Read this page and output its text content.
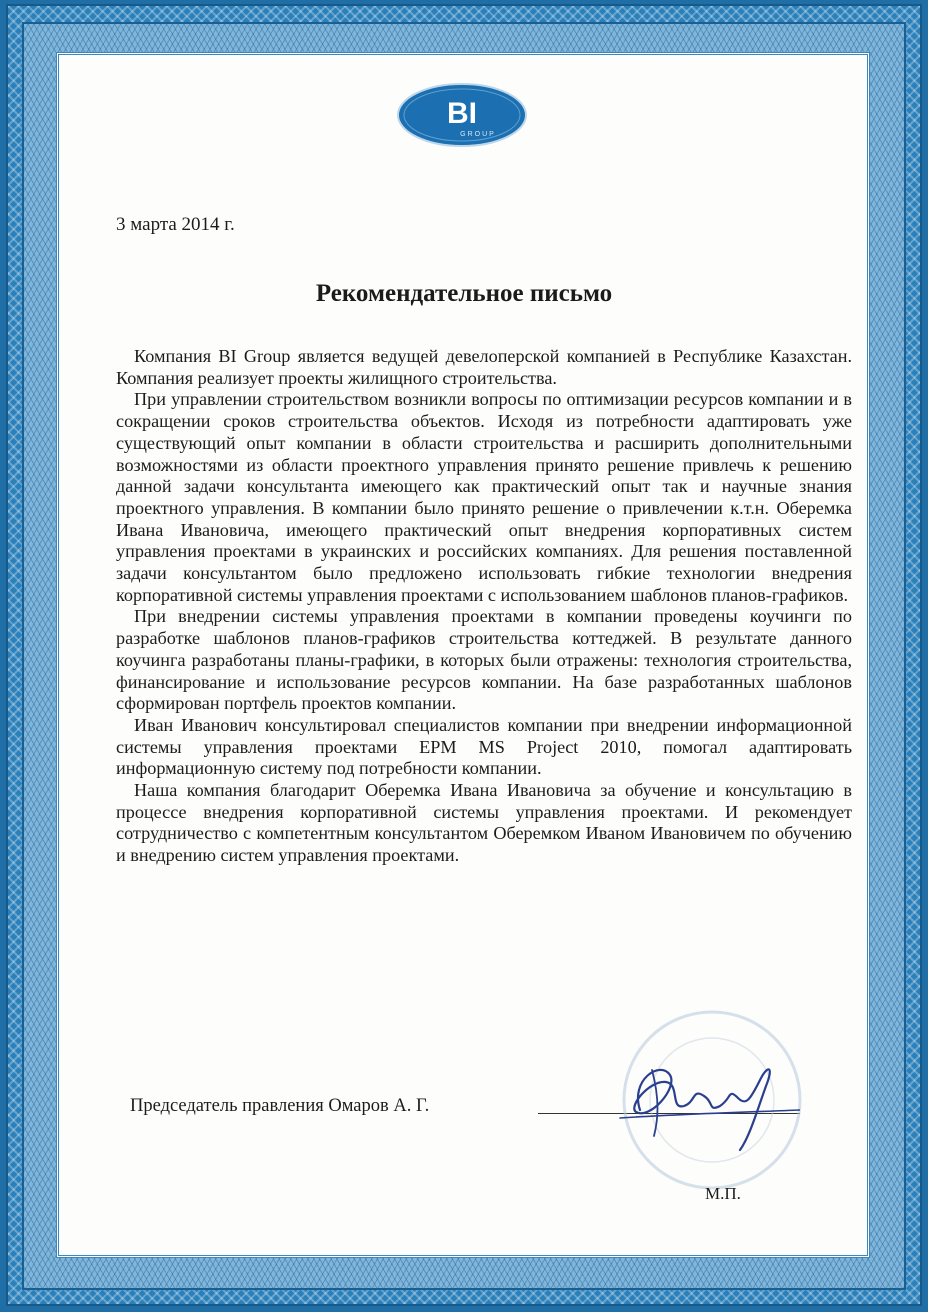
BI
GROUP
3 марта 2014 г.
Рекомендательное письмо

Компания BI Group является ведущей девелоперской компанией в Республике Казахстан. Компания реализует проекты жилищного строительства.

При управлении строительством возникли вопросы по оптимизации ресурсов компании и в сокращении сроков строительства объектов. Исходя из потребности адаптировать уже существующий опыт компании в области строительства и расширить дополнительными возможностями из области проектного управления принято решение привлечь к решению данной задачи консультанта имеющего как практический опыт так и научные знания проектного управления. В компании было принято решение о привлечении к.т.н. Оберемка Ивана Ивановича, имеющего практический опыт внедрения корпоративных систем управления проектами в украинских и российских компаниях. Для решения поставленной задачи консультантом было предложено использовать гибкие технологии внедрения корпоративной системы управления проектами с использованием шаблонов планов-графиков.

При внедрении системы управления проектами в компании проведены коучинги по разработке шаблонов планов-графиков строительства коттеджей. В результате данного коучинга разработаны планы-графики, в которых были отражены: технология строительства, финансирование и использование ресурсов компании. На базе разработанных шаблонов сформирован портфель проектов компании.

Иван Иванович консультировал специалистов компании при внедрении информационной системы управления проектами EPM MS Project 2010, помогал адаптировать информационную систему под потребности компании.

Наша компания благодарит Оберемка Ивана Ивановича за обучение и консультацию в процессе внедрения корпоративной системы управления проектами. И рекомендует сотрудничество с компетентным консультантом Оберемком Иваном Ивановичем по обучению и внедрению систем управления проектами.

Председатель правления Омаров А. Г.
М.П.
